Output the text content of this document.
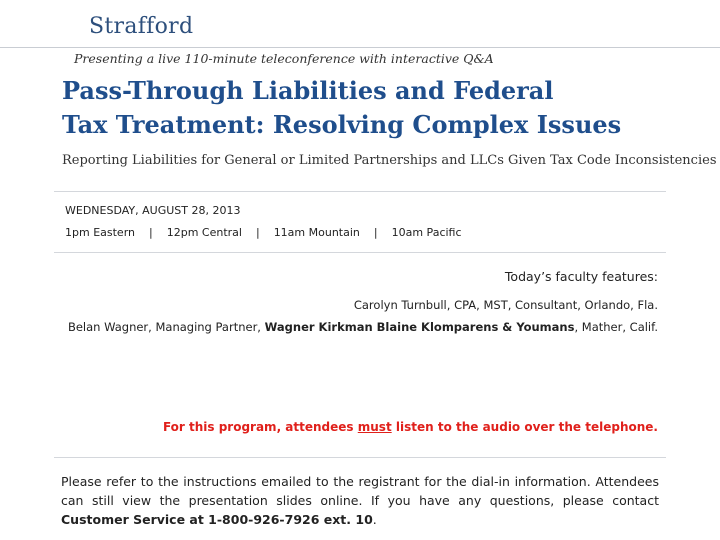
Strafford
Presenting a live 110-minute teleconference with interactive Q&A
Pass-Through Liabilities and Federal
Tax Treatment: Resolving Complex Issues
Reporting Liabilities for General or Limited Partnerships and LLCs Given Tax Code Inconsistencies
WEDNESDAY, AUGUST 28, 2013
1pm Eastern | 12pm Central | 11am Mountain | 10am Pacific
Today’s faculty features:
Carolyn Turnbull, CPA, MST, Consultant, Orlando, Fla.
Belan Wagner, Managing Partner, Wagner Kirkman Blaine Klomparens & Youmans, Mather, Calif.
For this program, attendees must listen to the audio over the telephone.
Please refer to the instructions emailed to the registrant for the dial-in information. Attendees can still view the presentation slides online. If you have any questions, please contact Customer Service at 1-800-926-7926 ext. 10.
